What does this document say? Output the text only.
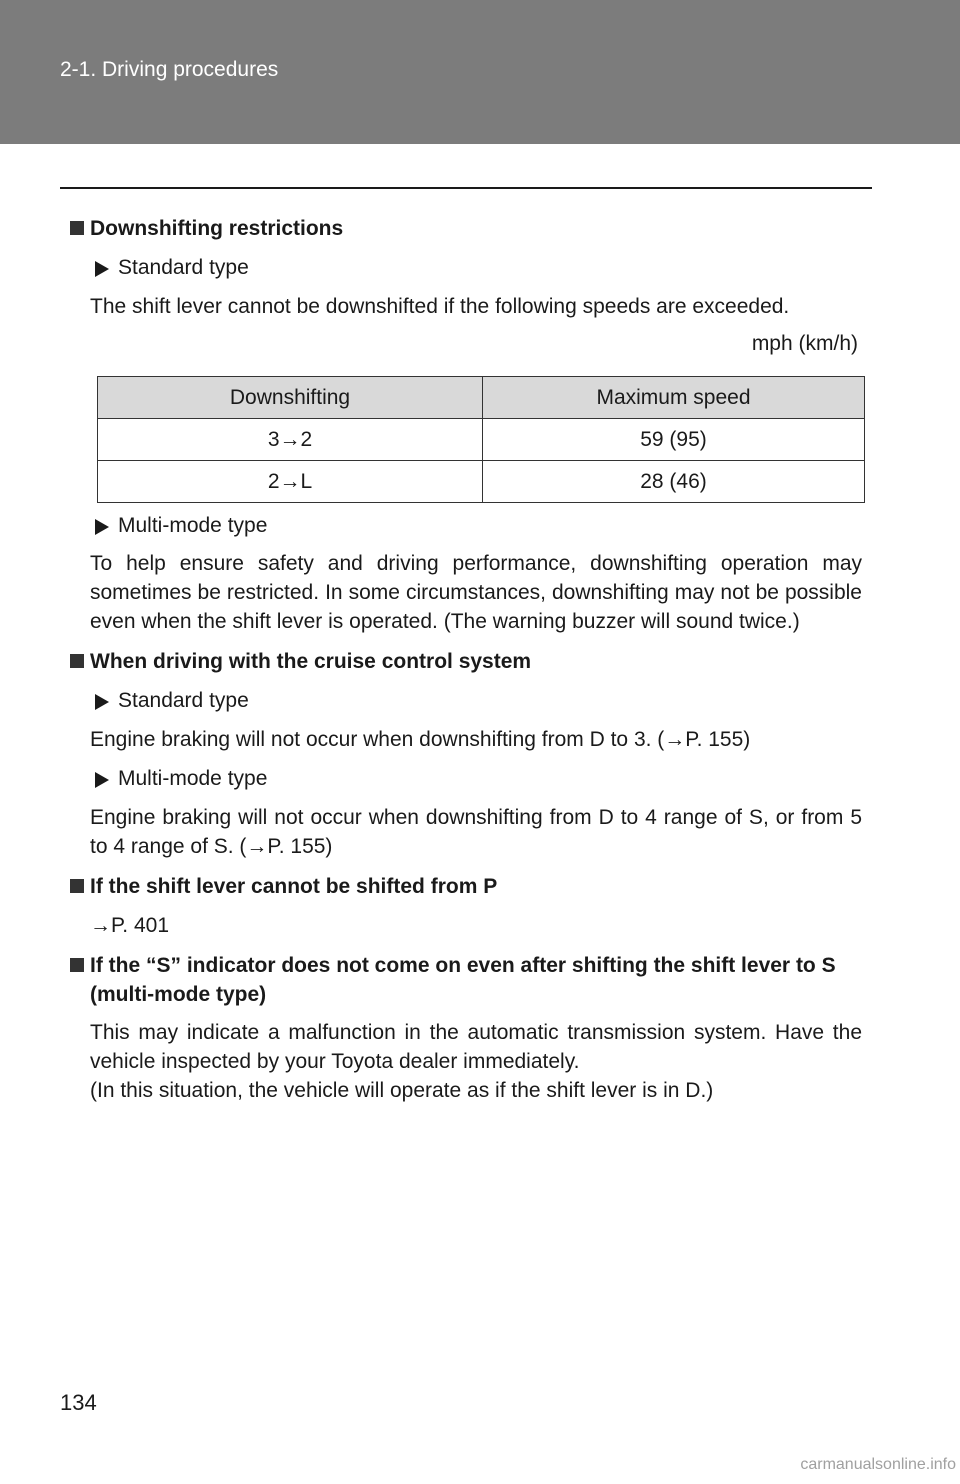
2-1. Driving procedures
Downshifting restrictions
Standard type
The shift lever cannot be downshifted if the following speeds are exceeded.
mph (km/h)
Downshifting	Maximum speed
3→2	59 (95)
2→L	28 (46)
Multi-mode type
To help ensure safety and driving performance, downshifting operation may sometimes be restricted. In some circumstances, downshifting may not be possible even when the shift lever is operated. (The warning buzzer will sound twice.)
When driving with the cruise control system
Standard type
Engine braking will not occur when downshifting from D to 3. (→P. 155)
Multi-mode type
Engine braking will not occur when downshifting from D to 4 range of S, or from 5 to 4 range of S. (→P. 155)
If the shift lever cannot be shifted from P
→P. 401
If the “S” indicator does not come on even after shifting the shift lever to S (multi-mode type)
This may indicate a malfunction in the automatic transmission system. Have the vehicle inspected by your Toyota dealer immediately.
(In this situation, the vehicle will operate as if the shift lever is in D.)
134
carmanualsonline.info
